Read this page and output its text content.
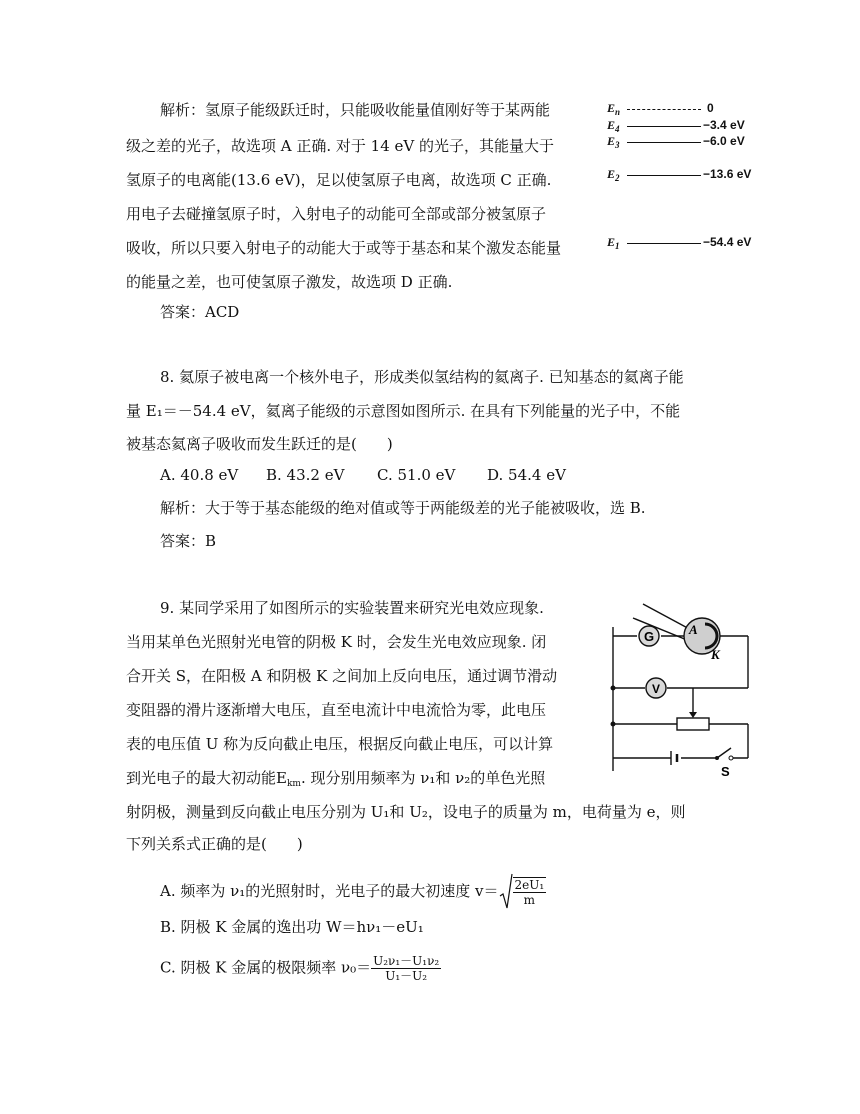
解析：氢原子能级跃迁时，只能吸收能量值刚好等于某两能
级之差的光子，故选项 A 正确. 对于 14 eV 的光子，其能量大于
氢原子的电离能(13.6 eV)，足以使氢原子电离，故选项 C 正确.
用电子去碰撞氢原子时，入射电子的动能可全部或部分被氢原子
吸收，所以只要入射电子的动能大于或等于基态和某个激发态能量
的能量之差，也可使氢原子激发，故选项 D 正确.
答案：ACD
$E_n$	0
$E_4$	−3.4 eV
$E_3$	−6.0 eV
$E_2$	−13.6 eV
$E_1$	−54.4 eV
8. 氦原子被电离一个核外电子，形成类似氢结构的氦离子. 已知基态的氦离子能
量 E₁＝－54.4 eV，氦离子能级的示意图如图所示. 在具有下列能量的光子中，不能
被基态氦离子吸收而发生跃迁的是(　　)
A. 40.8 eV B. 43.2 eV C. 51.0 eV D. 54.4 eV
解析：大于等于基态能级的绝对值或等于两能级差的光子能被吸收，选 B.
答案：B
9. 某同学采用了如图所示的实验装置来研究光电效应现象.
当用某单色光照射光电管的阴极 K 时，会发生光电效应现象. 闭
合开关 S，在阳极 A 和阴极 K 之间加上反向电压，通过调节滑动
变阻器的滑片逐渐增大电压，直至电流计中电流恰为零，此电压
表的电压值 U 称为反向截止电压，根据反向截止电压，可以计算
到光电子的最大初动能$E_{km}$. 现分别用频率为 ν₁和 ν₂的单色光照
射阴极，测量到反向截止电压分别为 U₁和 U₂，设电子的质量为 m，电荷量为 e，则
下列关系式正确的是(　　)
A. 频率为 ν₁的光照射时，光电子的最大初速度 $v= \frac{\text{2eU₁}}{m}$
B. 阴极 K 金属的逸出功 W＝hν₁－eU₁
C. 阴极 K 金属的极限频率 $\nu_0= \frac{\text{U₂ν₁－U₁ν₂}}{\text{U₁－U₂}}$
G
V
A
K
S
